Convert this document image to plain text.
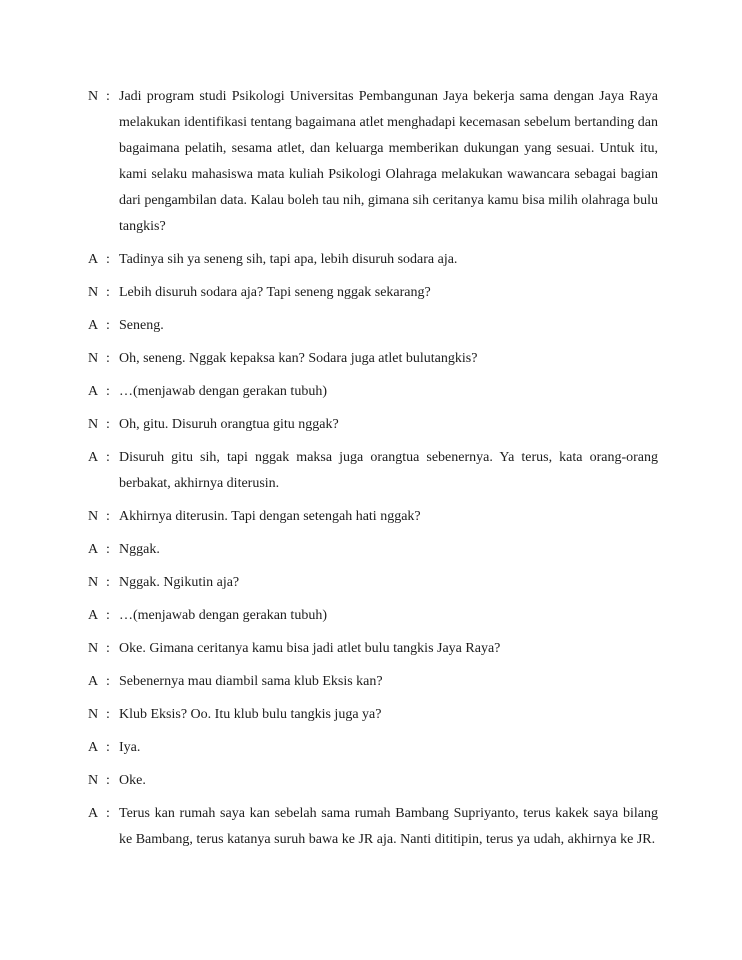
N : Jadi program studi Psikologi Universitas Pembangunan Jaya bekerja sama dengan Jaya Raya melakukan identifikasi tentang bagaimana atlet menghadapi kecemasan sebelum bertanding dan bagaimana pelatih, sesama atlet, dan keluarga memberikan dukungan yang sesuai. Untuk itu, kami selaku mahasiswa mata kuliah Psikologi Olahraga melakukan wawancara sebagai bagian dari pengambilan data. Kalau boleh tau nih, gimana sih ceritanya kamu bisa milih olahraga bulu tangkis?

A : Tadinya sih ya seneng sih, tapi apa, lebih disuruh sodara aja.

N : Lebih disuruh sodara aja? Tapi seneng nggak sekarang?

A : Seneng.

N : Oh, seneng. Nggak kepaksa kan? Sodara juga atlet bulutangkis?

A : …(menjawab dengan gerakan tubuh)

N : Oh, gitu. Disuruh orangtua gitu nggak?

A : Disuruh gitu sih, tapi nggak maksa juga orangtua sebenernya. Ya terus, kata orang-orang berbakat, akhirnya diterusin.

N : Akhirnya diterusin. Tapi dengan setengah hati nggak?

A : Nggak.

N : Nggak. Ngikutin aja?

A : …(menjawab dengan gerakan tubuh)

N : Oke. Gimana ceritanya kamu bisa jadi atlet bulu tangkis Jaya Raya?

A : Sebenernya mau diambil sama klub Eksis kan?

N : Klub Eksis? Oo. Itu klub bulu tangkis juga ya?

A : Iya.

N : Oke.

A : Terus kan rumah saya kan sebelah sama rumah Bambang Supriyanto, terus kakek saya bilang ke Bambang, terus katanya suruh bawa ke JR aja. Nanti dititipin, terus ya udah, akhirnya ke JR.
